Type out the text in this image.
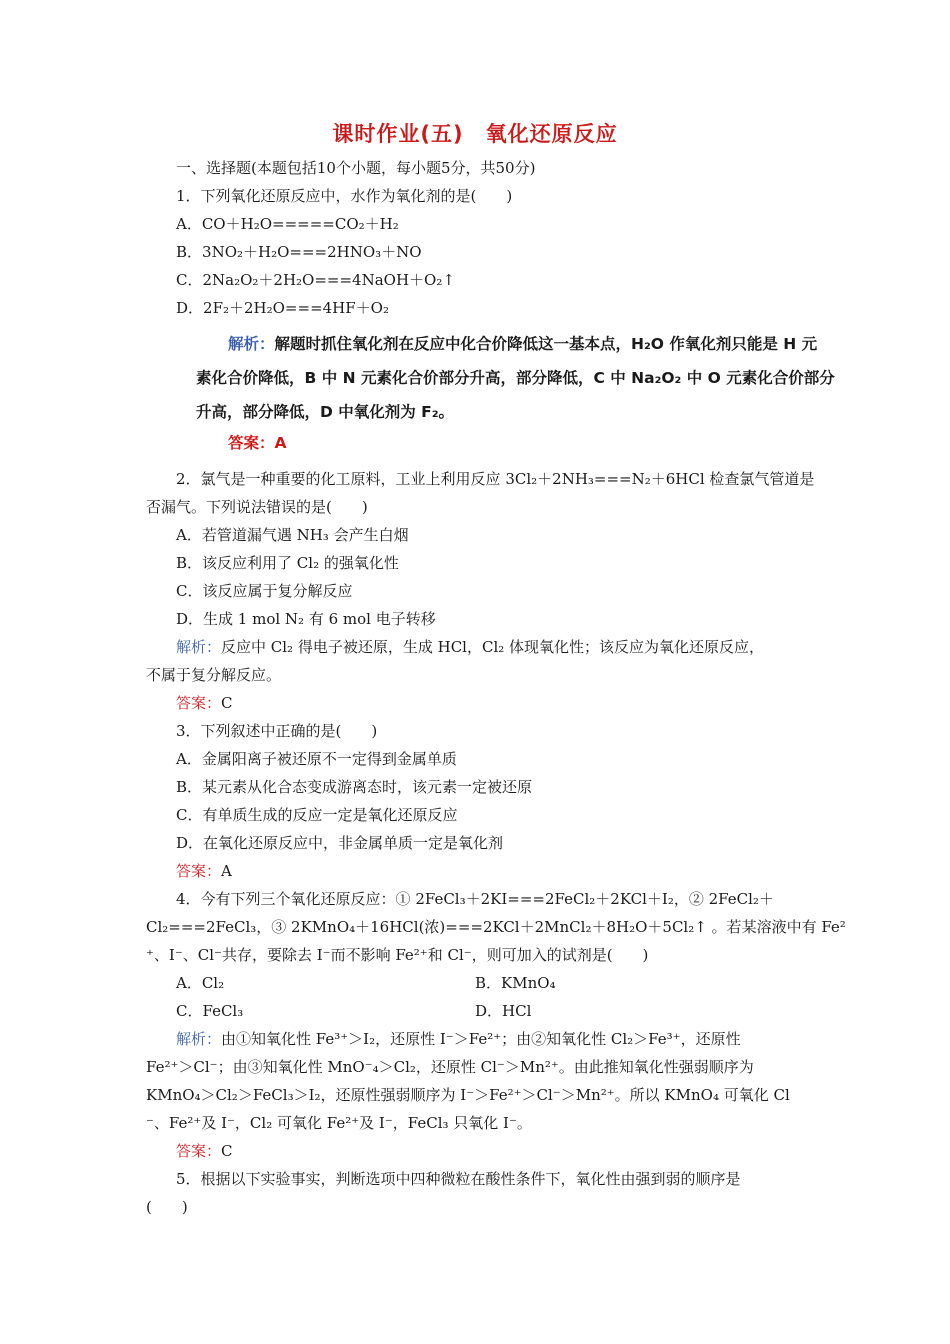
课时作业(五)　氧化还原反应
一、选择题(本题包括10个小题，每小题5分，共50分)
1．下列氧化还原反应中，水作为氧化剂的是(　　)
A．CO＋H₂O=====CO₂＋H₂
B．3NO₂＋H₂O===2HNO₃＋NO
C．2Na₂O₂＋2H₂O===4NaOH＋O₂↑
D．2F₂＋2H₂O===4HF＋O₂
解析：解题时抓住氧化剂在反应中化合价降低这一基本点，H₂O 作氧化剂只能是 H 元
素化合价降低，B 中 N 元素化合价部分升高，部分降低，C 中 Na₂O₂ 中 O 元素化合价部分
升高，部分降低，D 中氧化剂为 F₂。
答案：A
2．氯气是一种重要的化工原料，工业上利用反应 3Cl₂＋2NH₃===N₂＋6HCl 检查氯气管道是
否漏气。下列说法错误的是(　　)
A．若管道漏气遇 NH₃ 会产生白烟
B．该反应利用了 Cl₂ 的强氧化性
C．该反应属于复分解反应
D．生成 1 mol N₂ 有 6 mol 电子转移
解析：反应中 Cl₂ 得电子被还原，生成 HCl，Cl₂ 体现氧化性；该反应为氧化还原反应，
不属于复分解反应。
答案：C
3．下列叙述中正确的是(　　)
A．金属阳离子被还原不一定得到金属单质
B．某元素从化合态变成游离态时，该元素一定被还原
C．有单质生成的反应一定是氧化还原反应
D．在氧化还原反应中，非金属单质一定是氧化剂
答案：A
4．今有下列三个氧化还原反应：① 2FeCl₃＋2KI===2FeCl₂＋2KCl＋I₂，② 2FeCl₂＋
Cl₂===2FeCl₃，③ 2KMnO₄＋16HCl(浓)===2KCl＋2MnCl₂＋8H₂O＋5Cl₂↑ 。若某溶液中有 Fe²
⁺、I⁻、Cl⁻共存，要除去 I⁻而不影响 Fe²⁺和 Cl⁻，则可加入的试剂是(　　)
A．Cl₂	B．KMnO₄
C．FeCl₃	D．HCl
解析：由①知氧化性 Fe³⁺＞I₂，还原性 I⁻＞Fe²⁺；由②知氧化性 Cl₂＞Fe³⁺，还原性
Fe²⁺＞Cl⁻；由③知氧化性 MnO⁻₄＞Cl₂，还原性 Cl⁻＞Mn²⁺。由此推知氧化性强弱顺序为
KMnO₄＞Cl₂＞FeCl₃＞I₂，还原性强弱顺序为 I⁻＞Fe²⁺＞Cl⁻＞Mn²⁺。所以 KMnO₄ 可氧化 Cl
⁻、Fe²⁺及 I⁻，Cl₂ 可氧化 Fe²⁺及 I⁻，FeCl₃ 只氧化 I⁻。
答案：C
5．根据以下实验事实，判断选项中四种微粒在酸性条件下，氧化性由强到弱的顺序是
(　　)
